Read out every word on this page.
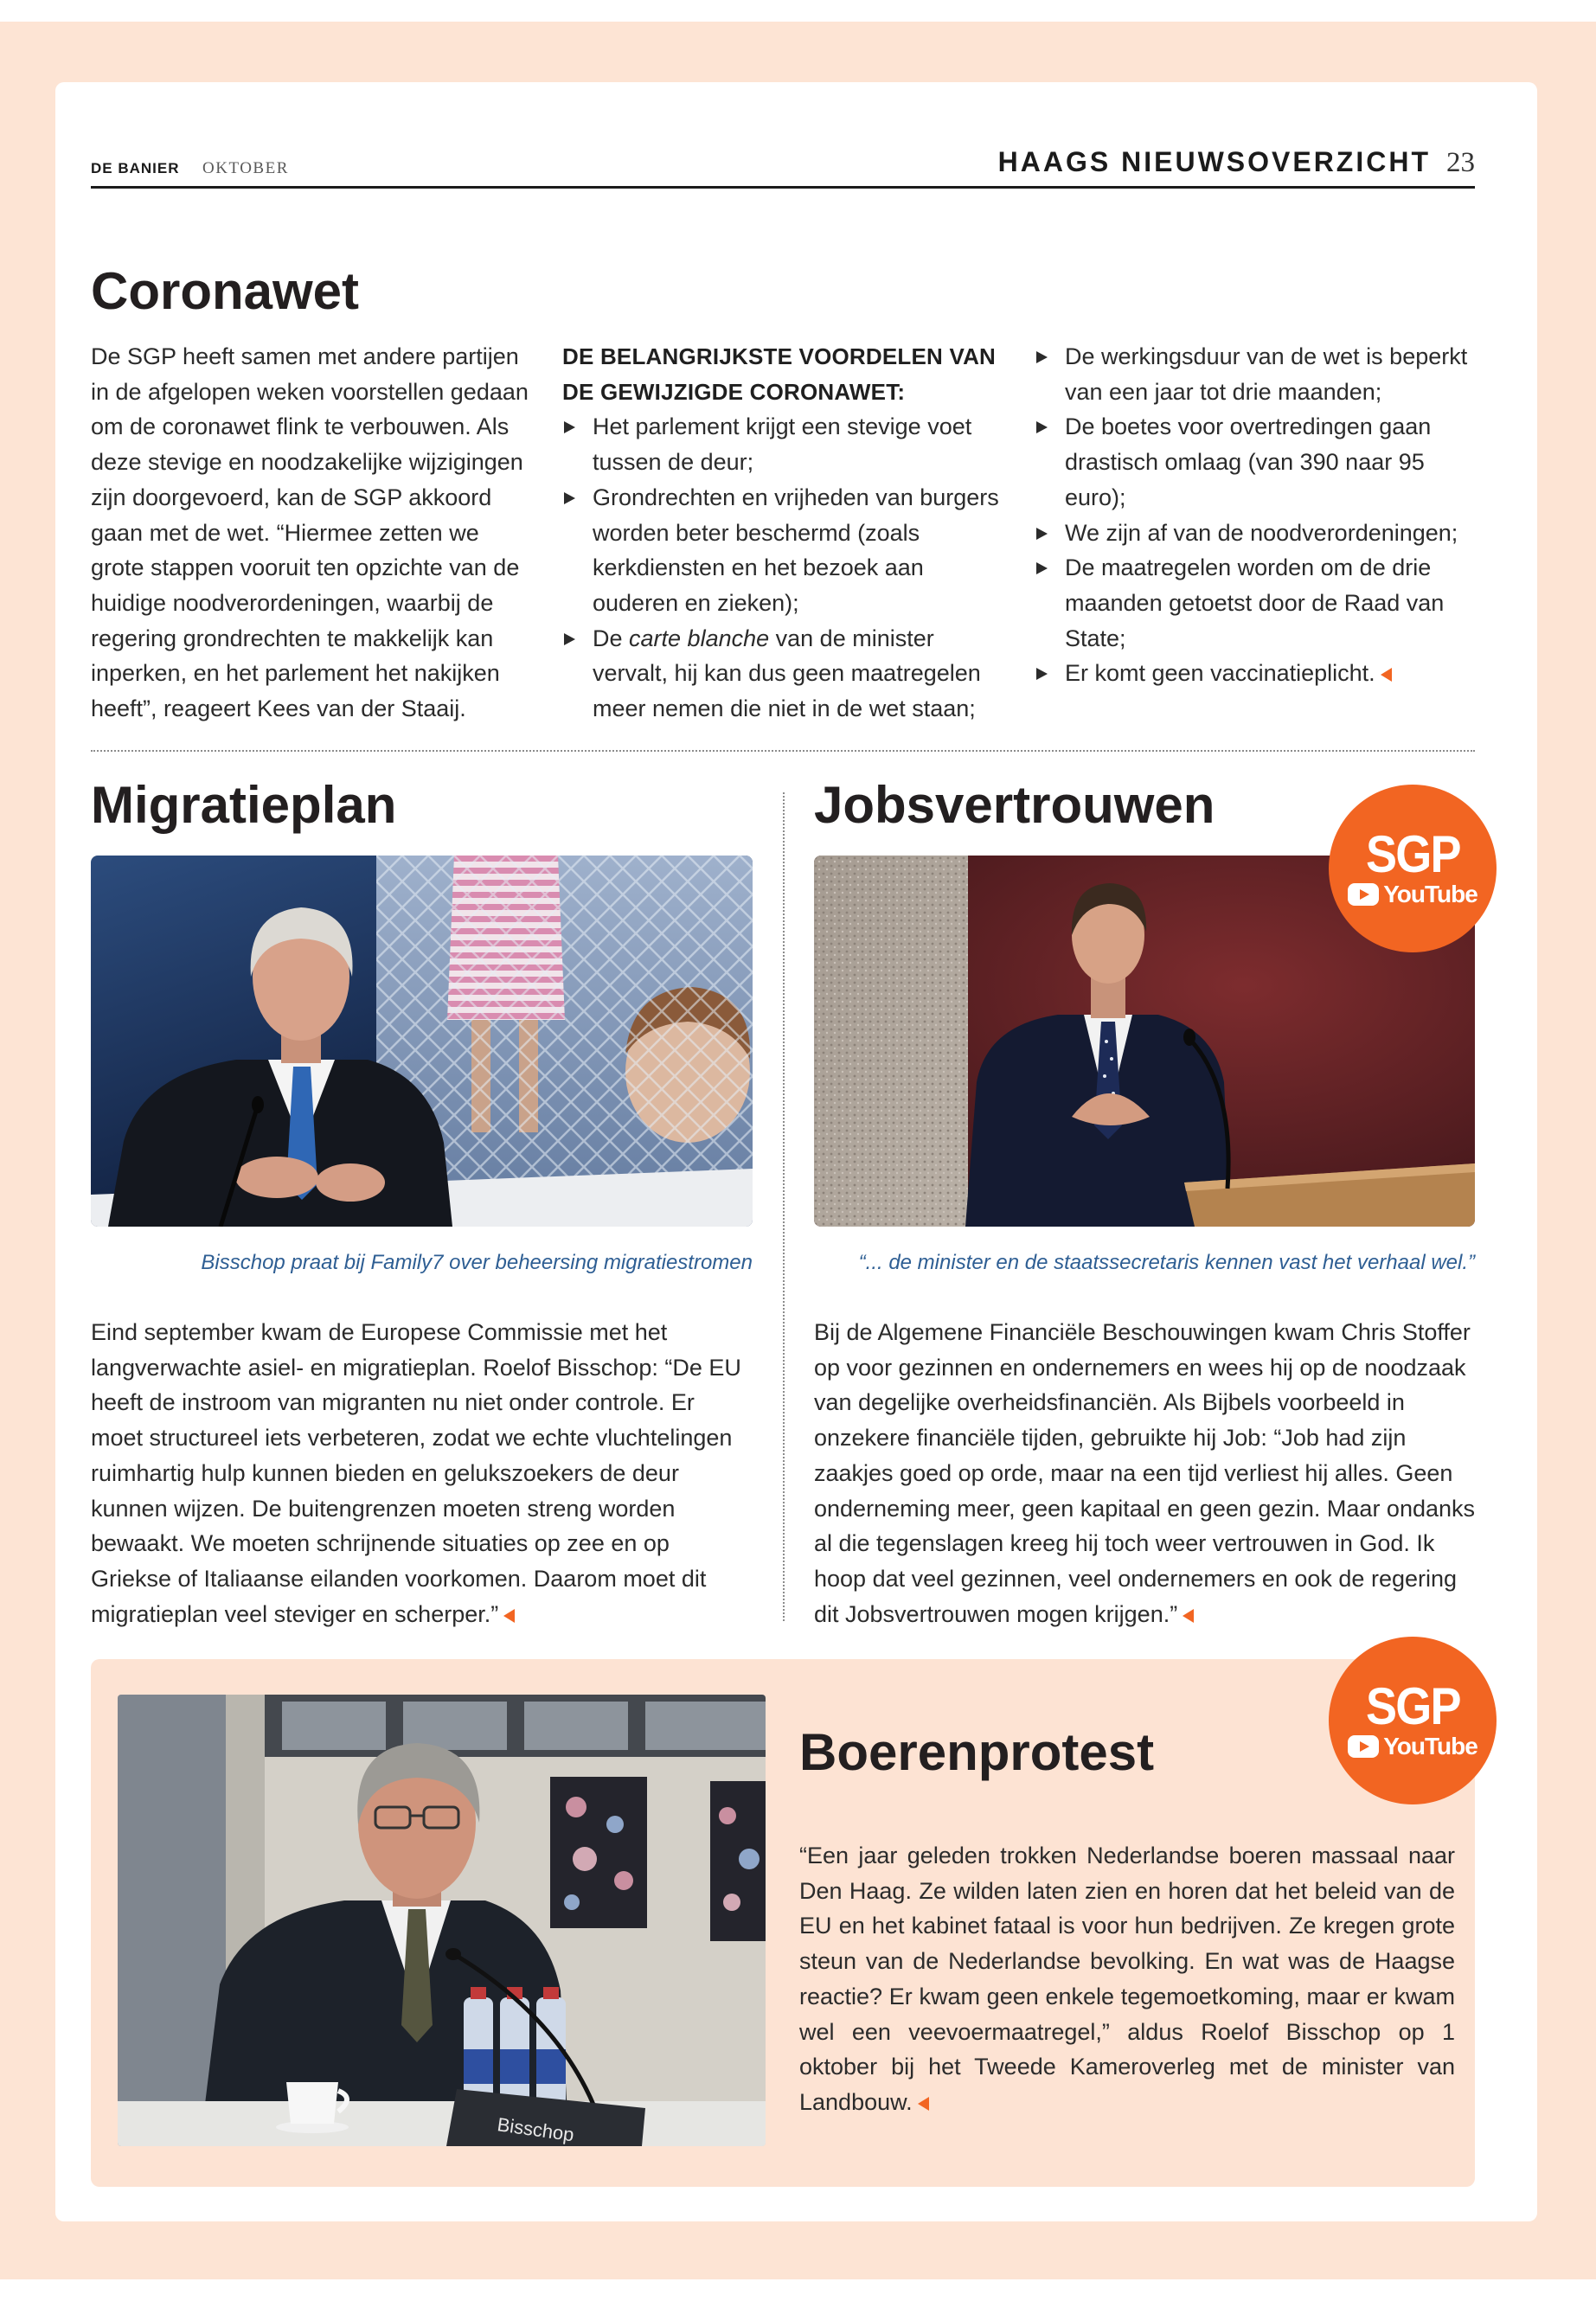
DE BANIER OKTOBER	HAAGS NIEUWSOVERZICHT 23
Coronawet

De SGP heeft samen met andere partijen in de afgelopen weken voorstellen gedaan om de coronawet flink te verbouwen. Als deze stevige en noodzakelijke wijzigingen zijn doorgevoerd, kan de SGP akkoord gaan met de wet. “Hiermee zetten we grote stappen vooruit ten opzichte van de huidige noodverordeningen, waarbij de regering grondrechten te makkelijk kan inperken, en het parlement het nakijken heeft”, reageert Kees van der Staaij.

DE BELANGRIJKSTE VOORDELEN VAN DE GEWIJZIGDE CORONAWET:

Het parlement krijgt een stevige voet tussen de deur;
Grondrechten en vrijheden van burgers worden beter beschermd (zoals kerkdiensten en het bezoek aan ouderen en zieken);
De carte blanche van de minister vervalt, hij kan dus geen maatregelen meer nemen die niet in de wet staan;
De werkingsduur van de wet is beperkt van een jaar tot drie maanden;
De boetes voor overtredingen gaan drastisch omlaag (van 390 naar 95 euro);
We zijn af van de noodverordeningen;
De maatregelen worden om de drie maanden getoetst door de Raad van State;
Er komt geen vaccinatieplicht.
Migratieplan

Bisschop praat bij Family7 over beheersing migratiestromen

Eind september kwam de Europese Commissie met het langverwachte asiel- en migratieplan. Roelof Bisschop: “De EU heeft de instroom van migranten nu niet onder controle. Er moet structureel iets verbeteren, zodat we echte vluchtelingen ruimhartig hulp kunnen bieden en gelukszoekers de deur kunnen wijzen. De buitengrenzen moeten streng worden bewaakt. We moeten schrijnende situaties op zee en op Griekse of Italiaanse eilanden voorkomen. Daarom moet dit migratieplan veel steviger en scherper.”

Jobsvertrouwen
SGP
YouTube

“... de minister en de staatssecretaris kennen vast het verhaal wel.”

Bij de Algemene Financiële Beschouwingen kwam Chris Stoffer op voor gezinnen en ondernemers en wees hij op de noodzaak van degelijke overheidsfinanciën. Als Bijbels voorbeeld in onzekere financiële tijden, gebruikte hij Job: “Job had zijn zaakjes goed op orde, maar na een tijd verliest hij alles. Geen onderneming meer, geen kapitaal en geen gezin. Maar ondanks al die tegenslagen kreeg hij toch weer vertrouwen in God. Ik hoop dat veel gezinnen, veel ondernemers en ook de regering dit Jobsvertrouwen mogen krijgen.”

Bisschop
SGP
YouTube
Boerenprotest

“Een jaar geleden trokken Nederlandse boeren massaal naar Den Haag. Ze wilden laten zien en horen dat het beleid van de EU en het kabinet fataal is voor hun bedrijven. Ze kregen grote steun van de Nederlandse bevolking. En wat was de Haagse reactie? Er kwam geen enkele tegemoetkoming, maar er kwam wel een veevoermaatregel,” aldus Roelof Bisschop op 1 oktober bij het Tweede Kameroverleg met de minister van Landbouw.
